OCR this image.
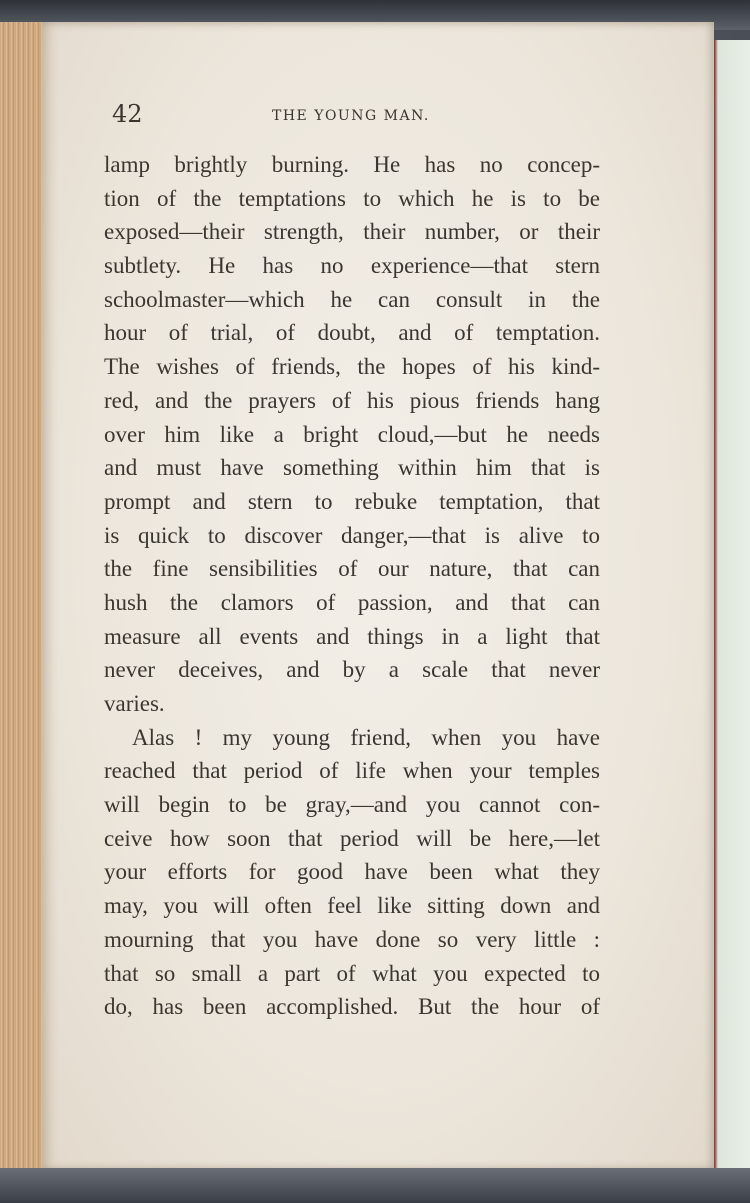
42	THE YOUNG MAN.
lamp brightly burning. He has no concep-
tion of the temptations to which he is to be
exposed—their strength, their number, or their
subtlety. He has no experience—that stern
schoolmaster—which he can consult in the
hour of trial, of doubt, and of temptation.
The wishes of friends, the hopes of his kind-
red, and the prayers of his pious friends hang
over him like a bright cloud,—but he needs
and must have something within him that is
prompt and stern to rebuke temptation, that
is quick to discover danger,—that is alive to
the fine sensibilities of our nature, that can
hush the clamors of passion, and that can
measure all events and things in a light that
never deceives, and by a scale that never
varies.
Alas ! my young friend, when you have
reached that period of life when your temples
will begin to be gray,—and you cannot con-
ceive how soon that period will be here,—let
your efforts for good have been what they
may, you will often feel like sitting down and
mourning that you have done so very little :
that so small a part of what you expected to
do, has been accomplished. But the hour of
